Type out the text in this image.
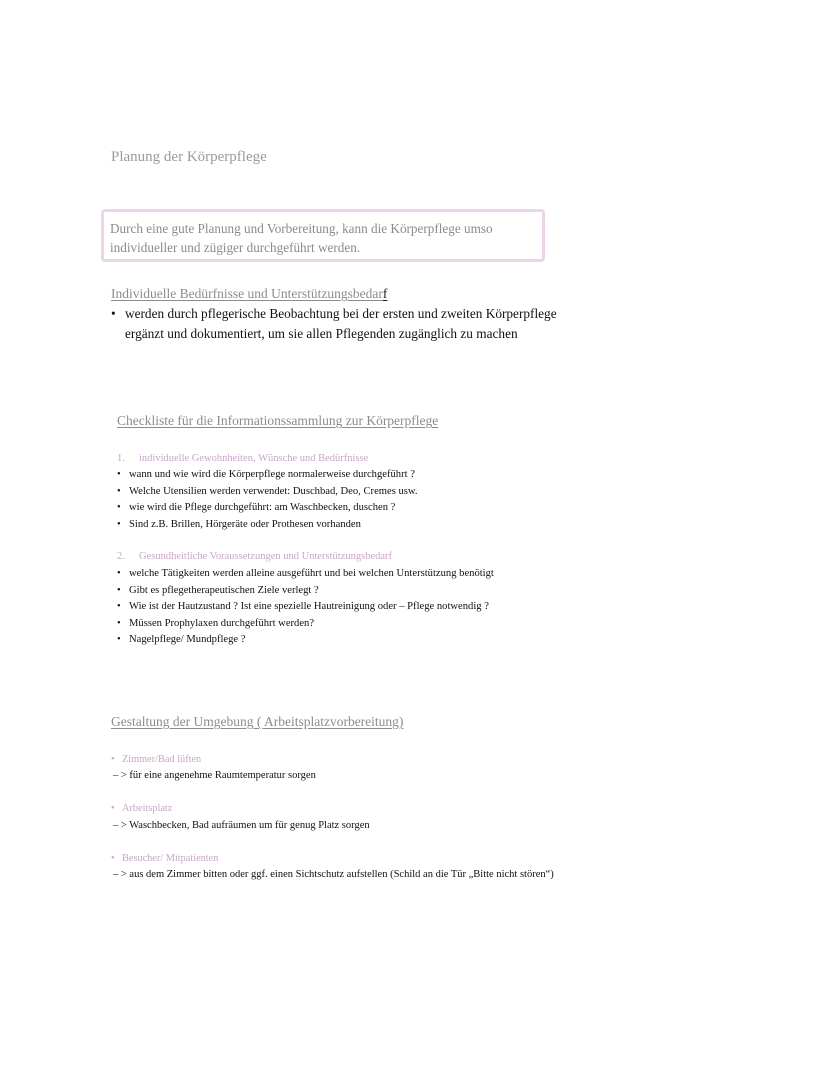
Planung der Körperpflege
Durch eine gute Planung und Vorbereitung, kann die Körperpflege umso individueller und zügiger durchgeführt werden.
Individuelle Bedürfnisse und Unterstützungsbedarf
• werden durch pflegerische Beobachtung bei der ersten und zweiten Körperpflege ergänzt und dokumentiert, um sie allen Pflegenden zugänglich zu machen
Checkliste für die Informationssammlung zur Körperpflege
1. individuelle Gewohnheiten, Wünsche und Bedürfnisse
• wann und wie wird die Körperpflege normalerweise durchgeführt ?
• Welche Utensilien werden verwendet: Duschbad, Deo, Cremes usw.
• wie wird die Pflege durchgeführt: am Waschbecken, duschen ?
• Sind z.B. Brillen, Hörgeräte oder Prothesen vorhanden
2. Gesundheitliche Voraussetzungen und Unterstützungsbedarf
• welche Tätigkeiten werden alleine ausgeführt und bei welchen Unterstützung benötigt
• Gibt es pflegetherapeutischen Ziele verlegt ?
• Wie ist der Hautzustand ? Ist eine spezielle Hautreinigung oder – Pflege notwendig ?
• Müssen Prophylaxen durchgeführt werden?
• Nagelpflege/ Mundpflege ?
Gestaltung der Umgebung ( Arbeitsplatzvorbereitung)
• Zimmer/Bad lüften
– > für eine angenehme Raumtemperatur sorgen
• Arbeitsplatz
– > Waschbecken, Bad aufräumen um für genug Platz sorgen
• Besucher/ Mitpatienten
– > aus dem Zimmer bitten oder ggf. einen Sichtschutz aufstellen (Schild an die Tür „Bitte nicht stören“)
